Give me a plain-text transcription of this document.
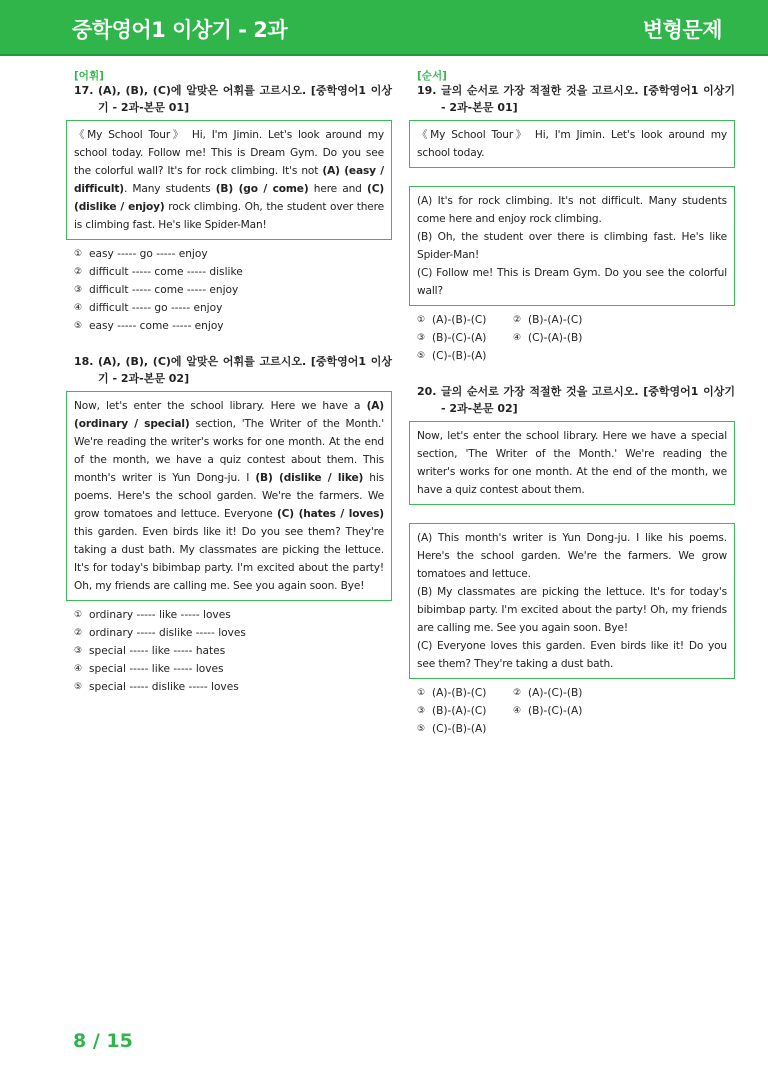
중학영어1 이상기 - 2과	변형문제
[어휘]
17. (A), (B), (C)에 알맞은 어휘를 고르시오. [중학영어1 이상기 - 2과-본문 01]
《My School Tour》 Hi, I'm Jimin. Let's look around my school today. Follow me! This is Dream Gym. Do you see the colorful wall? It's for rock climbing. It's not (A) (easy / difficult). Many students (B) (go / come) here and (C) (dislike / enjoy) rock climbing. Oh, the student over there is climbing fast. He's like Spider-Man!
① easy ----- go ----- enjoy
② difficult ----- come ----- dislike
③ difficult ----- come ----- enjoy
④ difficult ----- go ----- enjoy
⑤ easy ----- come ----- enjoy
18. (A), (B), (C)에 알맞은 어휘를 고르시오. [중학영어1 이상기 - 2과-본문 02]
Now, let's enter the school library. Here we have a (A) (ordinary / special) section, 'The Writer of the Month.' We're reading the writer's works for one month. At the end of the month, we have a quiz contest about them. This month's writer is Yun Dong-ju. I (B) (dislike / like) his poems. Here's the school garden. We're the farmers. We grow tomatoes and lettuce. Everyone (C) (hates / loves) this garden. Even birds like it! Do you see them? They're taking a dust bath. My classmates are picking the lettuce. It's for today's bibimbap party. I'm excited about the party! Oh, my friends are calling me. See you again soon. Bye!
① ordinary ----- like ----- loves
② ordinary ----- dislike ----- loves
③ special ----- like ----- hates
④ special ----- like ----- loves
⑤ special ----- dislike ----- loves
[순서]
19. 글의 순서로 가장 적절한 것을 고르시오. [중학영어1 이상기 - 2과-본문 01]
《My School Tour》 Hi, I'm Jimin. Let's look around my school today.
(A) It's for rock climbing. It's not difficult. Many students come here and enjoy rock climbing.
(B) Oh, the student over there is climbing fast. He's like Spider-Man!
(C) Follow me! This is Dream Gym. Do you see the colorful wall?
① (A)-(B)-(C)	② (B)-(A)-(C)
③ (B)-(C)-(A)	④ (C)-(A)-(B)
⑤ (C)-(B)-(A)
20. 글의 순서로 가장 적절한 것을 고르시오. [중학영어1 이상기 - 2과-본문 02]
Now, let's enter the school library. Here we have a special section, 'The Writer of the Month.' We're reading the writer's works for one month. At the end of the month, we have a quiz contest about them.
(A) This month's writer is Yun Dong-ju. I like his poems. Here's the school garden. We're the farmers. We grow tomatoes and lettuce.
(B) My classmates are picking the lettuce. It's for today's bibimbap party. I'm excited about the party! Oh, my friends are calling me. See you again soon. Bye!
(C) Everyone loves this garden. Even birds like it! Do you see them? They're taking a dust bath.
① (A)-(B)-(C)	② (A)-(C)-(B)
③ (B)-(A)-(C)	④ (B)-(C)-(A)
⑤ (C)-(B)-(A)
8 / 15
